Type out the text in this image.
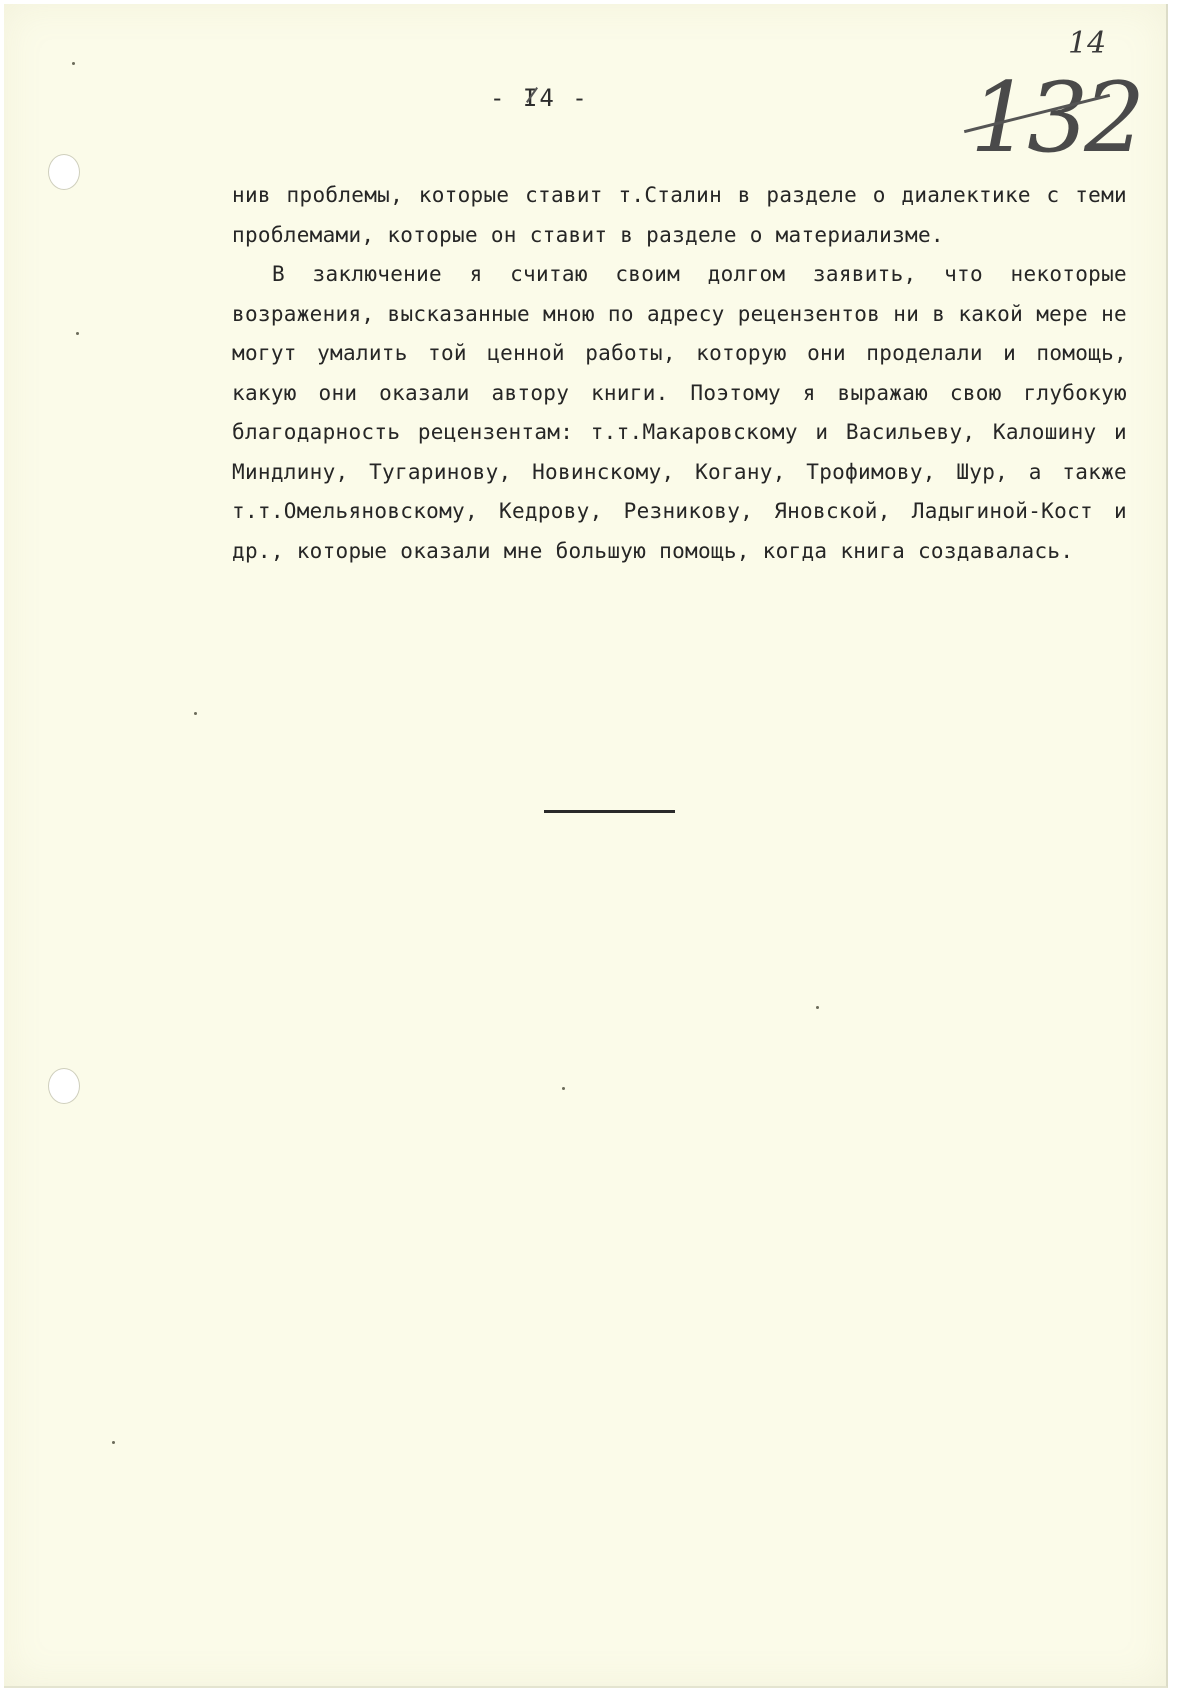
- I4 -
14
132

нив проблемы, которые ставит т.Сталин в разделе о диалектике с теми проблемами, которые он ставит в разделе о материализме.

В заключение я считаю своим долгом заявить, что некоторые возражения, высказанные мною по адресу рецензентов ни в какой мере не могут умалить той ценной работы, которую они проделали и помощь, какую они оказали автору книги. Поэтому я выражаю свою глубокую благодарность рецензентам: т.т.Макаровскому и Васильеву, Калошину и Миндлину, Тугаринову, Новинскому, Когану, Трофимову, Шур, а также т.т.Омельяновскому, Кедрову, Резникову, Яновской, Ладыгиной-Кост и др., которые оказали мне большую помощь, когда книга создавалась.
